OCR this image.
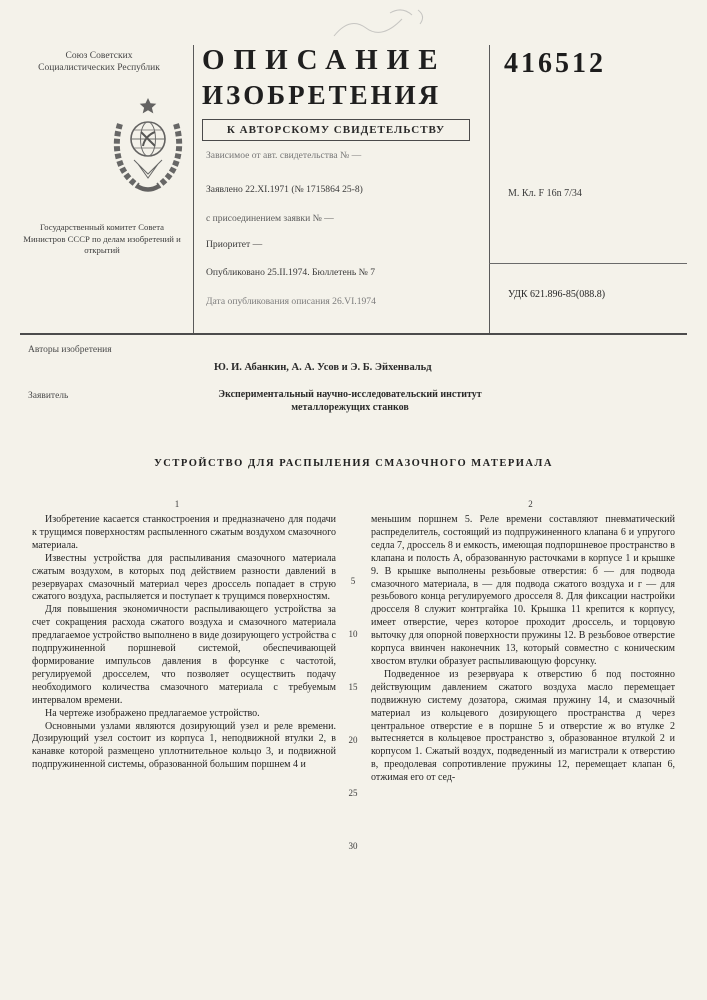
Союз Советских Социалистических Республик
Государственный комитет Совета Министров СССР по делам изобретений и открытий
ОПИСАНИЕ
ИЗОБРЕТЕНИЯ
К АВТОРСКОМУ СВИДЕТЕЛЬСТВУ
Зависимое от авт. свидетельства № —
Заявлено 22.XI.1971 (№ 1715864 25-8)
с присоединением заявки № —
Приоритет —
Опубликовано 25.II.1974. Бюллетень № 7
Дата опубликования описания 26.VI.1974
416512
М. Кл. F 16n 7/34
УДК 621.896-85(088.8)
Авторы изобретения
Ю. И. Абанкин, А. А. Усов и Э. Б. Эйхенвальд
Заявитель	Экспериментальный научно-исследовательский институт металлорежущих станков
УСТРОЙСТВО ДЛЯ РАСПЫЛЕНИЯ СМАЗОЧНОГО МАТЕРИАЛА
1	2

Изобретение касается станкостроения и предназначено для подачи к трущимся поверхностям распыленного сжатым воздухом смазочного материала.

Известны устройства для распыливания смазочного материала сжатым воздухом, в которых под действием разности давлений в резервуарах смазочный материал через дроссель попадает в струю сжатого воздуха, распыляется и поступает к трущимся поверхностям.

Для повышения экономичности распыливающего устройства за счет сокращения расхода сжатого воздуха и смазочного материала предлагаемое устройство выполнено в виде дозирующего устройства с подпружиненной поршневой системой, обеспечивающей формирование импульсов давления в форсунке с частотой, регулируемой дросселем, что позволяет осуществить подачу необходимого количества смазочного материала с требуемым интервалом времени.

На чертеже изображено предлагаемое устройство.

Основными узлами являются дозирующий узел и реле времени. Дозирующий узел состоит из корпуса 1, неподвижной втулки 2, в канавке которой размещено уплотнительное кольцо 3, и подвижной подпружиненной системы, образованной большим поршнем 4 и

меньшим поршнем 5. Реле времени составляют пневматический распределитель, состоящий из подпружиненного клапана 6 и упругого седла 7, дроссель 8 и емкость, имеющая подпоршневое пространство в клапана и полость А, образованную расточками в корпусе 1 и крышке 9. В крышке выполнены резьбовые отверстия: б — для подвода смазочного материала, в — для подвода сжатого воздуха и г — для резьбового конца регулируемого дросселя 8. Для фиксации настройки дросселя 8 служит контргайка 10. Крышка 11 крепится к корпусу, имеет отверстие, через которое проходит дроссель, и торцовую выточку для опорной поверхности пружины 12. В резьбовое отверстие корпуса ввинчен наконечник 13, который совместно с коническим хвостом втулки образует распыливающую форсунку.

Подведенное из резервуара к отверстию б под постоянно действующим давлением сжатого воздуха масло перемещает подвижную систему дозатора, сжимая пружину 14, и смазочный материал из кольцевого дозирующего пространства д через центральное отверстие е в поршне 5 и отверстие ж во втулке 2 вытесняется в кольцевое пространство з, образованное втулкой 2 и корпусом 1. Сжатый воздух, подведенный из магистрали к отверстию в, преодолевая сопротивление пружины 12, перемещает клапан 6, отжимая его от сед-

5
10
15
20
25
30
